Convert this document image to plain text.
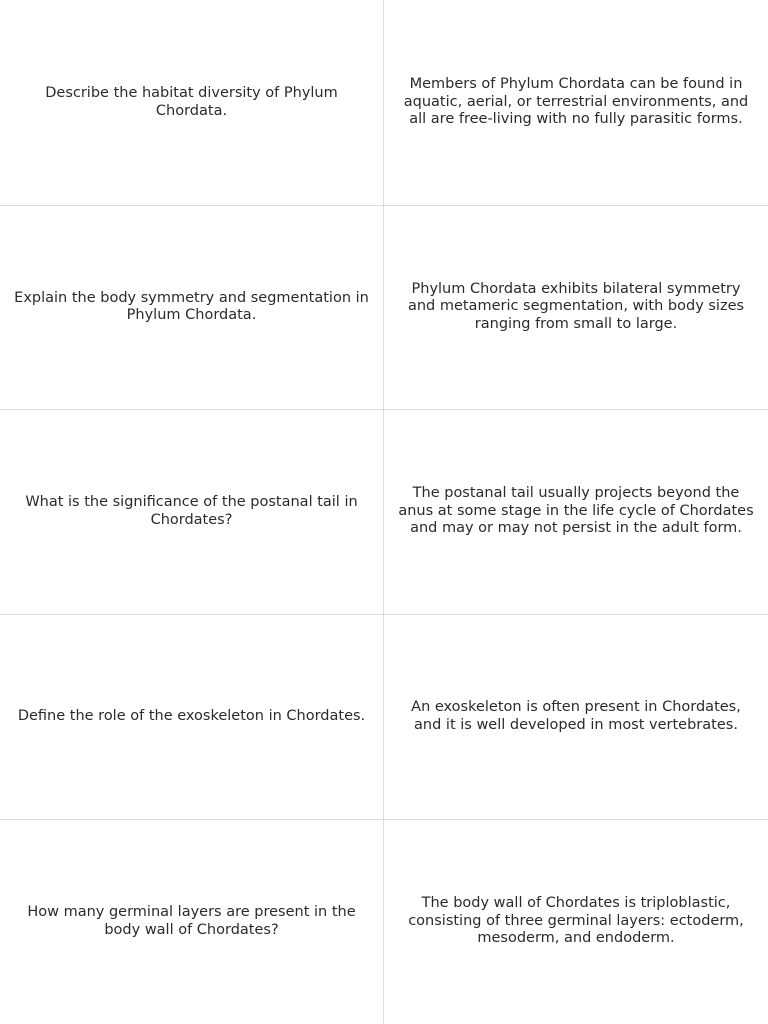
Describe the habitat diversity of Phylum Chordata.
Members of Phylum Chordata can be found in aquatic, aerial, or terrestrial environments, and all are free-living with no fully parasitic forms.
Explain the body symmetry and segmentation in Phylum Chordata.
Phylum Chordata exhibits bilateral symmetry and metameric segmentation, with body sizes ranging from small to large.
What is the significance of the postanal tail in Chordates?
The postanal tail usually projects beyond the anus at some stage in the life cycle of Chordates and may or may not persist in the adult form.
Define the role of the exoskeleton in Chordates.
An exoskeleton is often present in Chordates, and it is well developed in most vertebrates.
How many germinal layers are present in the body wall of Chordates?
The body wall of Chordates is triploblastic, consisting of three germinal layers: ectoderm, mesoderm, and endoderm.
